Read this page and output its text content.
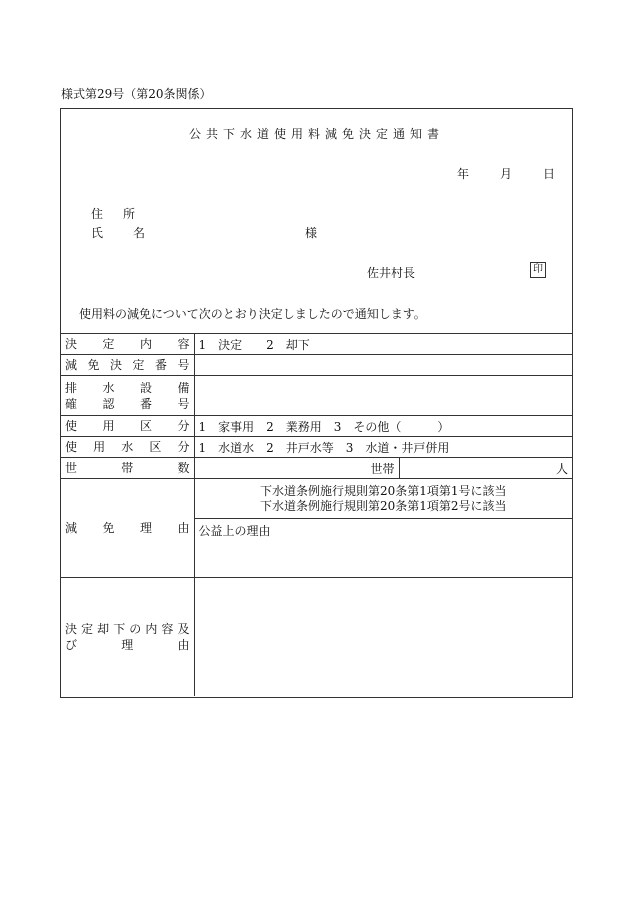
様式第29号（第20条関係）
公共下水道使用料減免決定通知書
年	月	日
住所
氏名	様
佐井村長	印
使用料の減免について次のとおり決定しましたので通知します。
決定内容	1　決定　　2　却下	
減免決定番号		

排水設備
確認番号		

使用区分	1　家事用　2　業務用　3　その他（　　　）	
使用水区分	1　水道水　2　井戸水等　3　水道・井戸併用	
世帯数	世帯	人
減免理由	下水道条例施行規則第20条第1項第1号に該当
下水道条例施行規則第20条第1項第2号に該当	

	公益上の理由	

決定却下の内容及
び理由		
